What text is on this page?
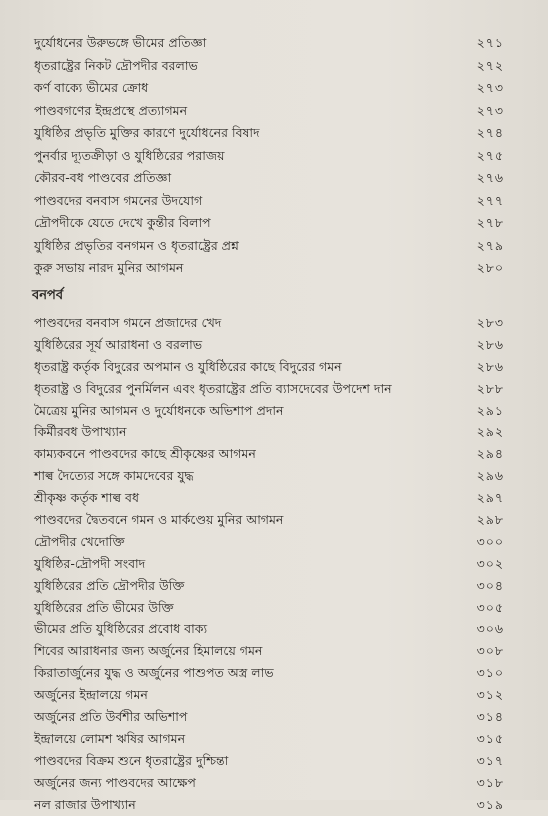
দুর্যোধনের উরুভঙ্গে ভীমের প্রতিজ্ঞা	২৭১
ধৃতরাষ্ট্রের নিকট দ্রৌপদীর বরলাভ	২৭২
কর্ণ বাক্যে ভীমের ক্রোধ	২৭৩
পাণ্ডবগণের ইন্দ্রপ্রস্থে প্রত্যাগমন	২৭৩
যুধিষ্ঠির প্রভৃতি মুক্তির কারণে দুর্যোধনের বিষাদ	২৭৪
পুনর্বার দ্যূতক্রীড়া ও যুধিষ্ঠিরের পরাজয়	২৭৫
কৌরব-বধ পাণ্ডবের প্রতিজ্ঞা	২৭৬
পাণ্ডবদের বনবাস গমনের উদযোগ	২৭৭
দ্রৌপদীকে যেতে দেখে কুন্তীর বিলাপ	২৭৮
যুধিষ্ঠির প্রভৃতির বনগমন ও ধৃতরাষ্ট্রের প্রশ্ন	২৭৯
কুরু সভায় নারদ মুনির আগমন	২৮০
বনপর্ব
পাণ্ডবদের বনবাস গমনে প্রজাদের খেদ	২৮৩
যুধিষ্ঠিরের সূর্য আরাধনা ও বরলাভ	২৮৬
ধৃতরাষ্ট্র কর্তৃক বিদুরের অপমান ও যুধিষ্ঠিরের কাছে বিদুরের গমন	২৮৬
ধৃতরাষ্ট্র ও বিদুরের পুনর্মিলন এবং ধৃতরাষ্ট্রের প্রতি ব্যাসদেবের উপদেশ দান	২৮৮
মৈত্রেয় মুনির আগমন ও দুর্যোধনকে অভিশাপ প্রদান	২৯১
কির্মীরবধ উপাখ্যান	২৯২
কাম্যকবনে পাণ্ডবদের কাছে শ্রীকৃষ্ণের আগমন	২৯৪
শাল্ব দৈত্যের সঙ্গে কামদেবের যুদ্ধ	২৯৬
শ্রীকৃষ্ণ কর্তৃক শাল্ব বধ	২৯৭
পাণ্ডবদের দ্বৈতবনে গমন ও মার্কণ্ডেয় মুনির আগমন	২৯৮
দ্রৌপদীর খেদোক্তি	৩০০
যুধিষ্ঠির-দ্রৌপদী সংবাদ	৩০২
যুধিষ্ঠিরের প্রতি দ্রৌপদীর উক্তি	৩০৪
যুধিষ্ঠিরের প্রতি ভীমের উক্তি	৩০৫
ভীমের প্রতি যুধিষ্ঠিরের প্রবোধ বাক্য	৩০৬
শিবের আরাধনার জন্য অর্জুনের হিমালয়ে গমন	৩০৮
কিরাতার্জুনের যুদ্ধ ও অর্জুনের পাশুপত অস্ত্র লাভ	৩১০
অর্জুনের ইন্দ্রালয়ে গমন	৩১২
অর্জুনের প্রতি উর্বশীর অভিশাপ	৩১৪
ইন্দ্রালয়ে লোমশ ঋষির আগমন	৩১৫
পাণ্ডবদের বিক্রম শুনে ধৃতরাষ্ট্রের দুশ্চিন্তা	৩১৭
অর্জুনের জন্য পাণ্ডবদের আক্ষেপ	৩১৮
নল রাজার উপাখ্যান	৩১৯
